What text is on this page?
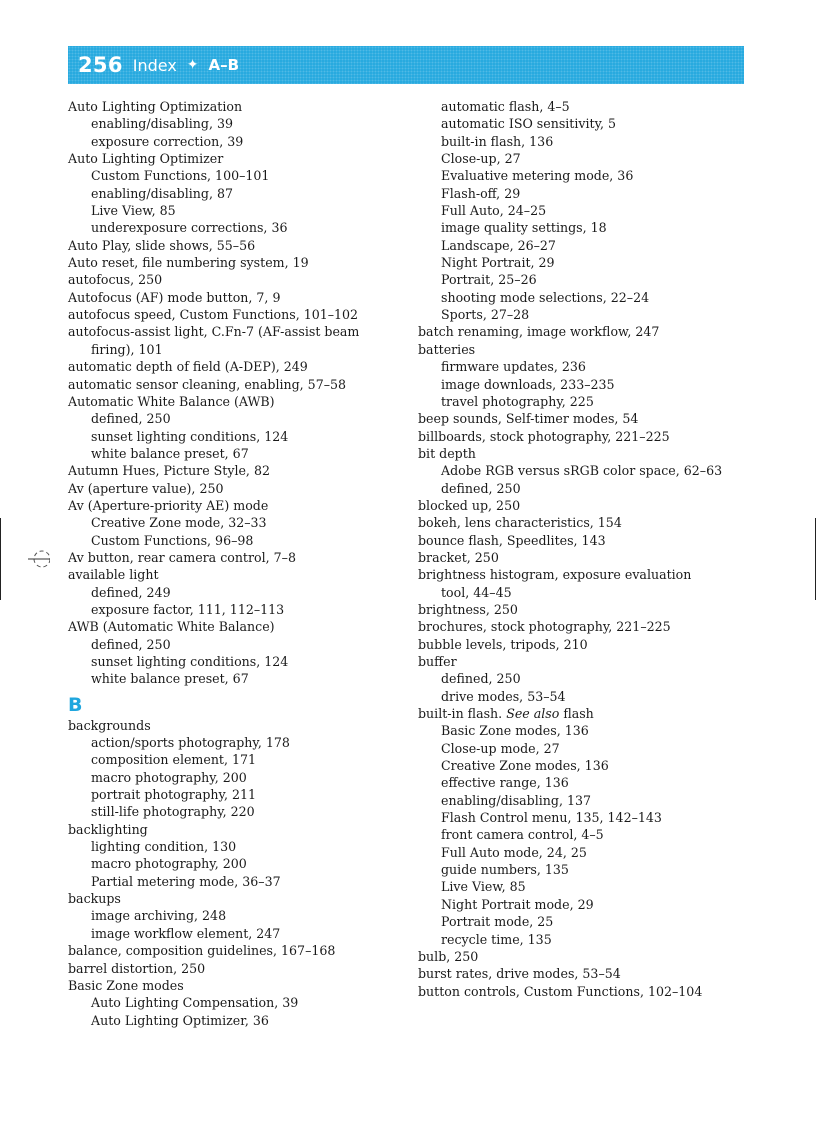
256 Index ✦ A–B
Auto Lighting Optimization
enabling/disabling, 39
exposure correction, 39
Auto Lighting Optimizer
Custom Functions, 100–101
enabling/disabling, 87
Live View, 85
underexposure corrections, 36
Auto Play, slide shows, 55–56
Auto reset, file numbering system, 19
autofocus, 250
Autofocus (AF) mode button, 7, 9
autofocus speed, Custom Functions, 101–102
autofocus-assist light, C.Fn-7 (AF-assist beam
firing), 101
automatic depth of field (A-DEP), 249
automatic sensor cleaning, enabling, 57–58
Automatic White Balance (AWB)
defined, 250
sunset lighting conditions, 124
white balance preset, 67
Autumn Hues, Picture Style, 82
Av (aperture value), 250
Av (Aperture-priority AE) mode
Creative Zone mode, 32–33
Custom Functions, 96–98
Av button, rear camera control, 7–8
available light
defined, 249
exposure factor, 111, 112–113
AWB (Automatic White Balance)
defined, 250
sunset lighting conditions, 124
white balance preset, 67
B
backgrounds
action/sports photography, 178
composition element, 171
macro photography, 200
portrait photography, 211
still-life photography, 220
backlighting
lighting condition, 130
macro photography, 200
Partial metering mode, 36–37
backups
image archiving, 248
image workflow element, 247
balance, composition guidelines, 167–168
barrel distortion, 250
Basic Zone modes
Auto Lighting Compensation, 39
Auto Lighting Optimizer, 36
automatic flash, 4–5
automatic ISO sensitivity, 5
built-in flash, 136
Close-up, 27
Evaluative metering mode, 36
Flash-off, 29
Full Auto, 24–25
image quality settings, 18
Landscape, 26–27
Night Portrait, 29
Portrait, 25–26
shooting mode selections, 22–24
Sports, 27–28
batch renaming, image workflow, 247
batteries
firmware updates, 236
image downloads, 233–235
travel photography, 225
beep sounds, Self-timer modes, 54
billboards, stock photography, 221–225
bit depth
Adobe RGB versus sRGB color space, 62–63
defined, 250
blocked up, 250
bokeh, lens characteristics, 154
bounce flash, Speedlites, 143
bracket, 250
brightness histogram, exposure evaluation
tool, 44–45
brightness, 250
brochures, stock photography, 221–225
bubble levels, tripods, 210
buffer
defined, 250
drive modes, 53–54
built-in flash. See also flash
Basic Zone modes, 136
Close-up mode, 27
Creative Zone modes, 136
effective range, 136
enabling/disabling, 137
Flash Control menu, 135, 142–143
front camera control, 4–5
Full Auto mode, 24, 25
guide numbers, 135
Live View, 85
Night Portrait mode, 29
Portrait mode, 25
recycle time, 135
bulb, 250
burst rates, drive modes, 53–54
button controls, Custom Functions, 102–104
